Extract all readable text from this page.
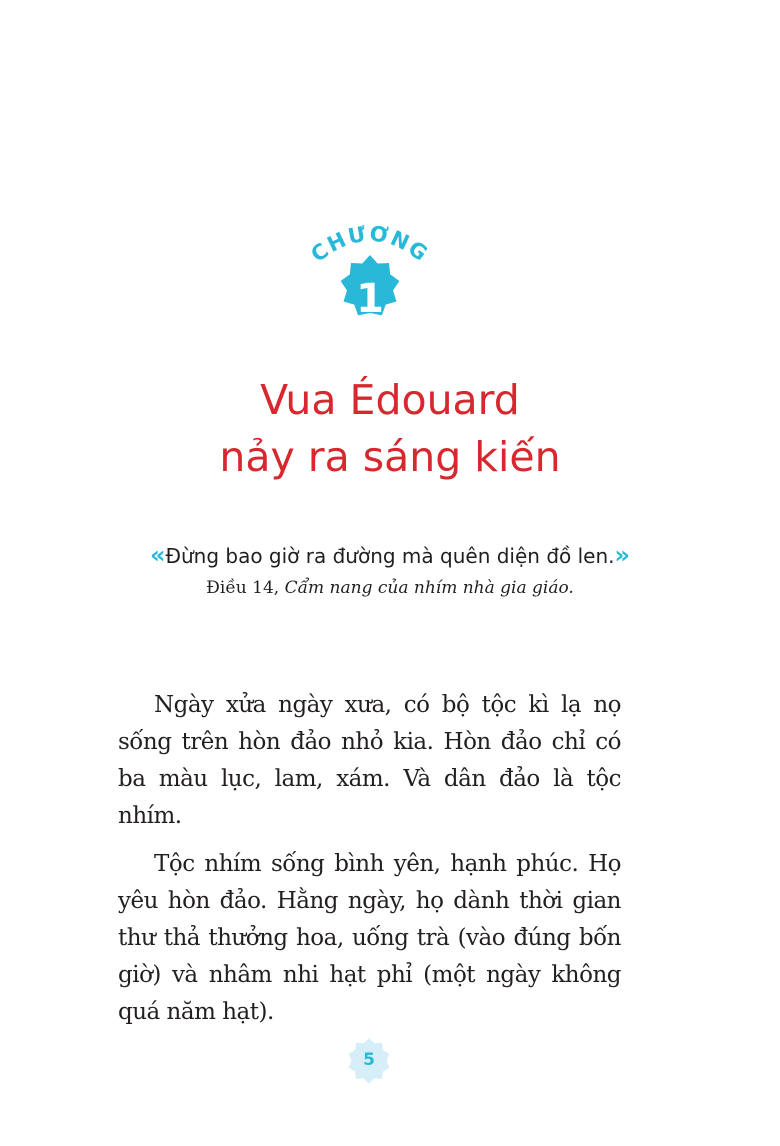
CHƯƠNG
1
Vua Édouard
nảy ra sáng kiến
«Đừng bao giờ ra đường mà quên diện đồ len.»
Điều 14, Cẩm nang của nhím nhà gia giáo.

Ngày xửa ngày xưa, có bộ tộc kì lạ nọ sống trên hòn đảo nhỏ kia. Hòn đảo chỉ có ba màu lục, lam, xám. Và dân đảo là tộc nhím.

Tộc nhím sống bình yên, hạnh phúc. Họ yêu hòn đảo. Hằng ngày, họ dành thời gian thư thả thưởng hoa, uống trà (vào đúng bốn giờ) và nhâm nhi hạt phỉ (một ngày không quá năm hạt).

5
